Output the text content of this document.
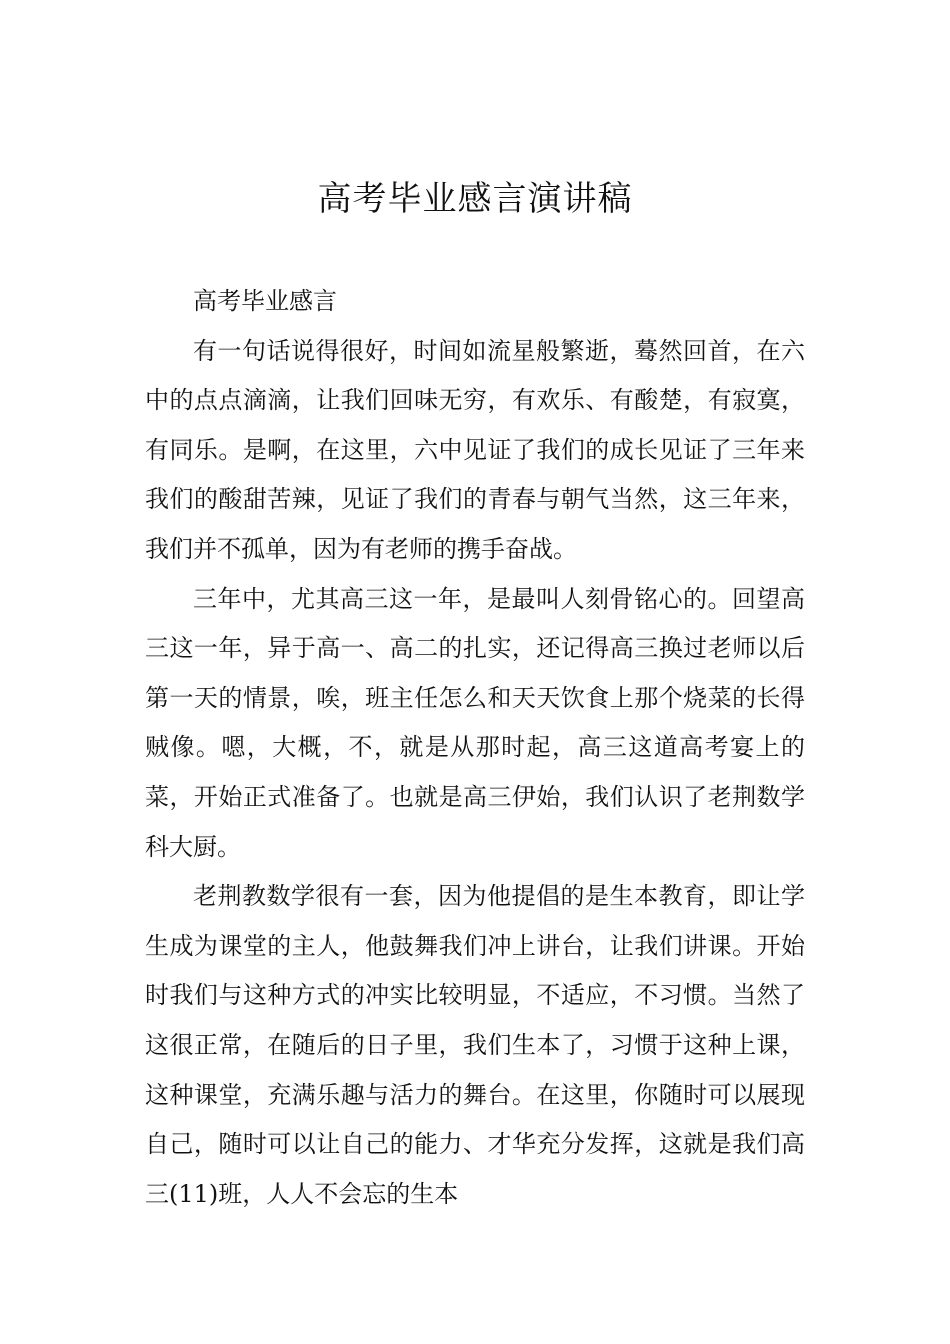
高考毕业感言演讲稿

高考毕业感言

有一句话说得很好，时间如流星般繁逝，蓦然回首，在六中的点点滴滴，让我们回味无穷，有欢乐、有酸楚，有寂寞，有同乐。是啊，在这里，六中见证了我们的成长见证了三年来我们的酸甜苦辣，见证了我们的青春与朝气当然，这三年来，我们并不孤单，因为有老师的携手奋战。

三年中，尤其高三这一年，是最叫人刻骨铭心的。回望高三这一年，异于高一、高二的扎实，还记得高三换过老师以后第一天的情景，唉，班主任怎么和天天饮食上那个烧菜的长得贼像。嗯，大概，不，就是从那时起，高三这道高考宴上的菜，开始正式准备了。也就是高三伊始，我们认识了老荆数学科大厨。

老荆教数学很有一套，因为他提倡的是生本教育，即让学生成为课堂的主人，他鼓舞我们冲上讲台，让我们讲课。开始时我们与这种方式的冲实比较明显，不适应，不习惯。当然了这很正常，在随后的日子里，我们生本了，习惯于这种上课，这种课堂，充满乐趣与活力的舞台。在这里，你随时可以展现自己，随时可以让自己的能力、才华充分发挥，这就是我们高三(11)班，人人不会忘的生本
